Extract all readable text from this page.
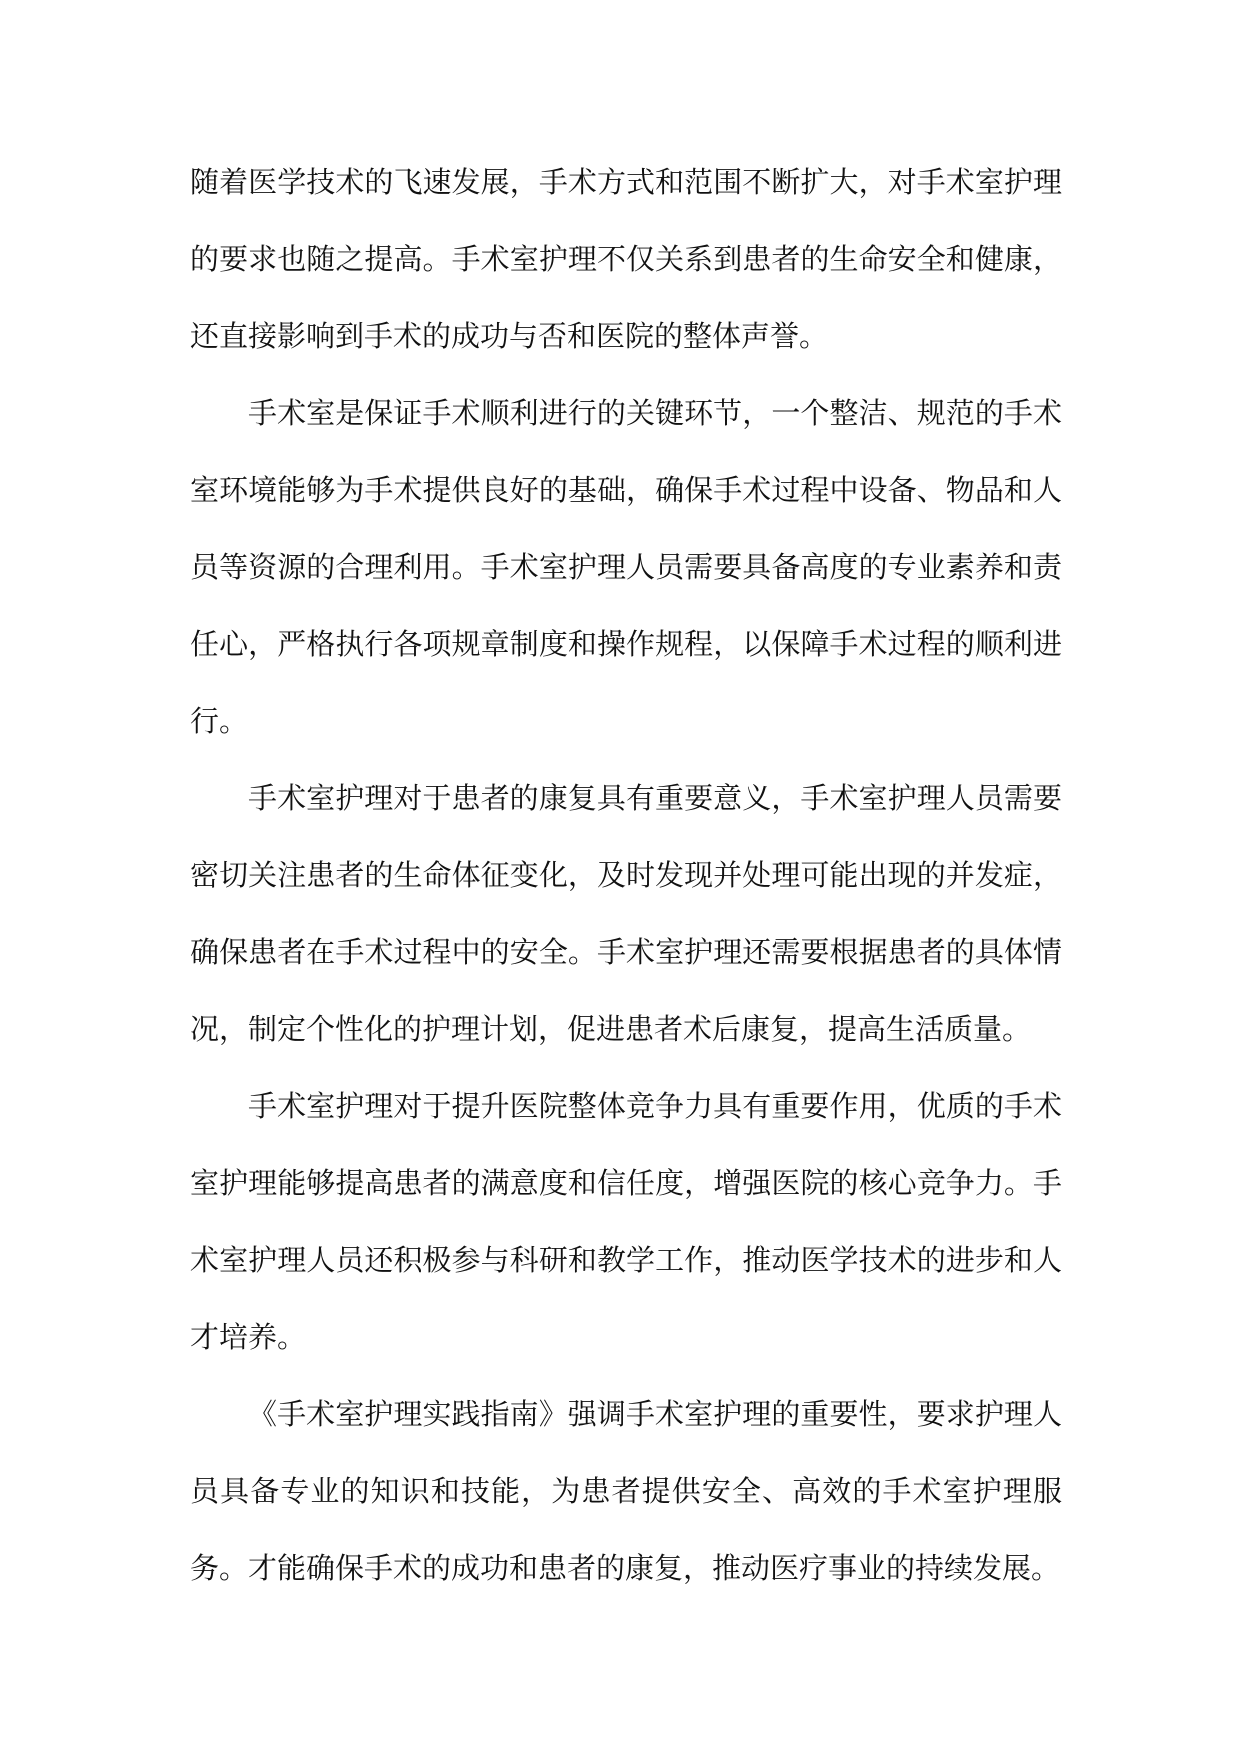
随着医学技术的飞速发展，手术方式和范围不断扩大，对手术室护理的要求也随之提高。手术室护理不仅关系到患者的生命安全和健康，还直接影响到手术的成功与否和医院的整体声誉。

手术室是保证手术顺利进行的关键环节，一个整洁、规范的手术室环境能够为手术提供良好的基础，确保手术过程中设备、物品和人员等资源的合理利用。手术室护理人员需要具备高度的专业素养和责任心，严格执行各项规章制度和操作规程，以保障手术过程的顺利进行。

手术室护理对于患者的康复具有重要意义，手术室护理人员需要密切关注患者的生命体征变化，及时发现并处理可能出现的并发症，确保患者在手术过程中的安全。手术室护理还需要根据患者的具体情况，制定个性化的护理计划，促进患者术后康复，提高生活质量。

手术室护理对于提升医院整体竞争力具有重要作用，优质的手术室护理能够提高患者的满意度和信任度，增强医院的核心竞争力。手术室护理人员还积极参与科研和教学工作，推动医学技术的进步和人才培养。

《手术室护理实践指南》强调手术室护理的重要性，要求护理人员具备专业的知识和技能，为患者提供安全、高效的手术室护理服务。才能确保手术的成功和患者的康复，推动医疗事业的持续发展。
